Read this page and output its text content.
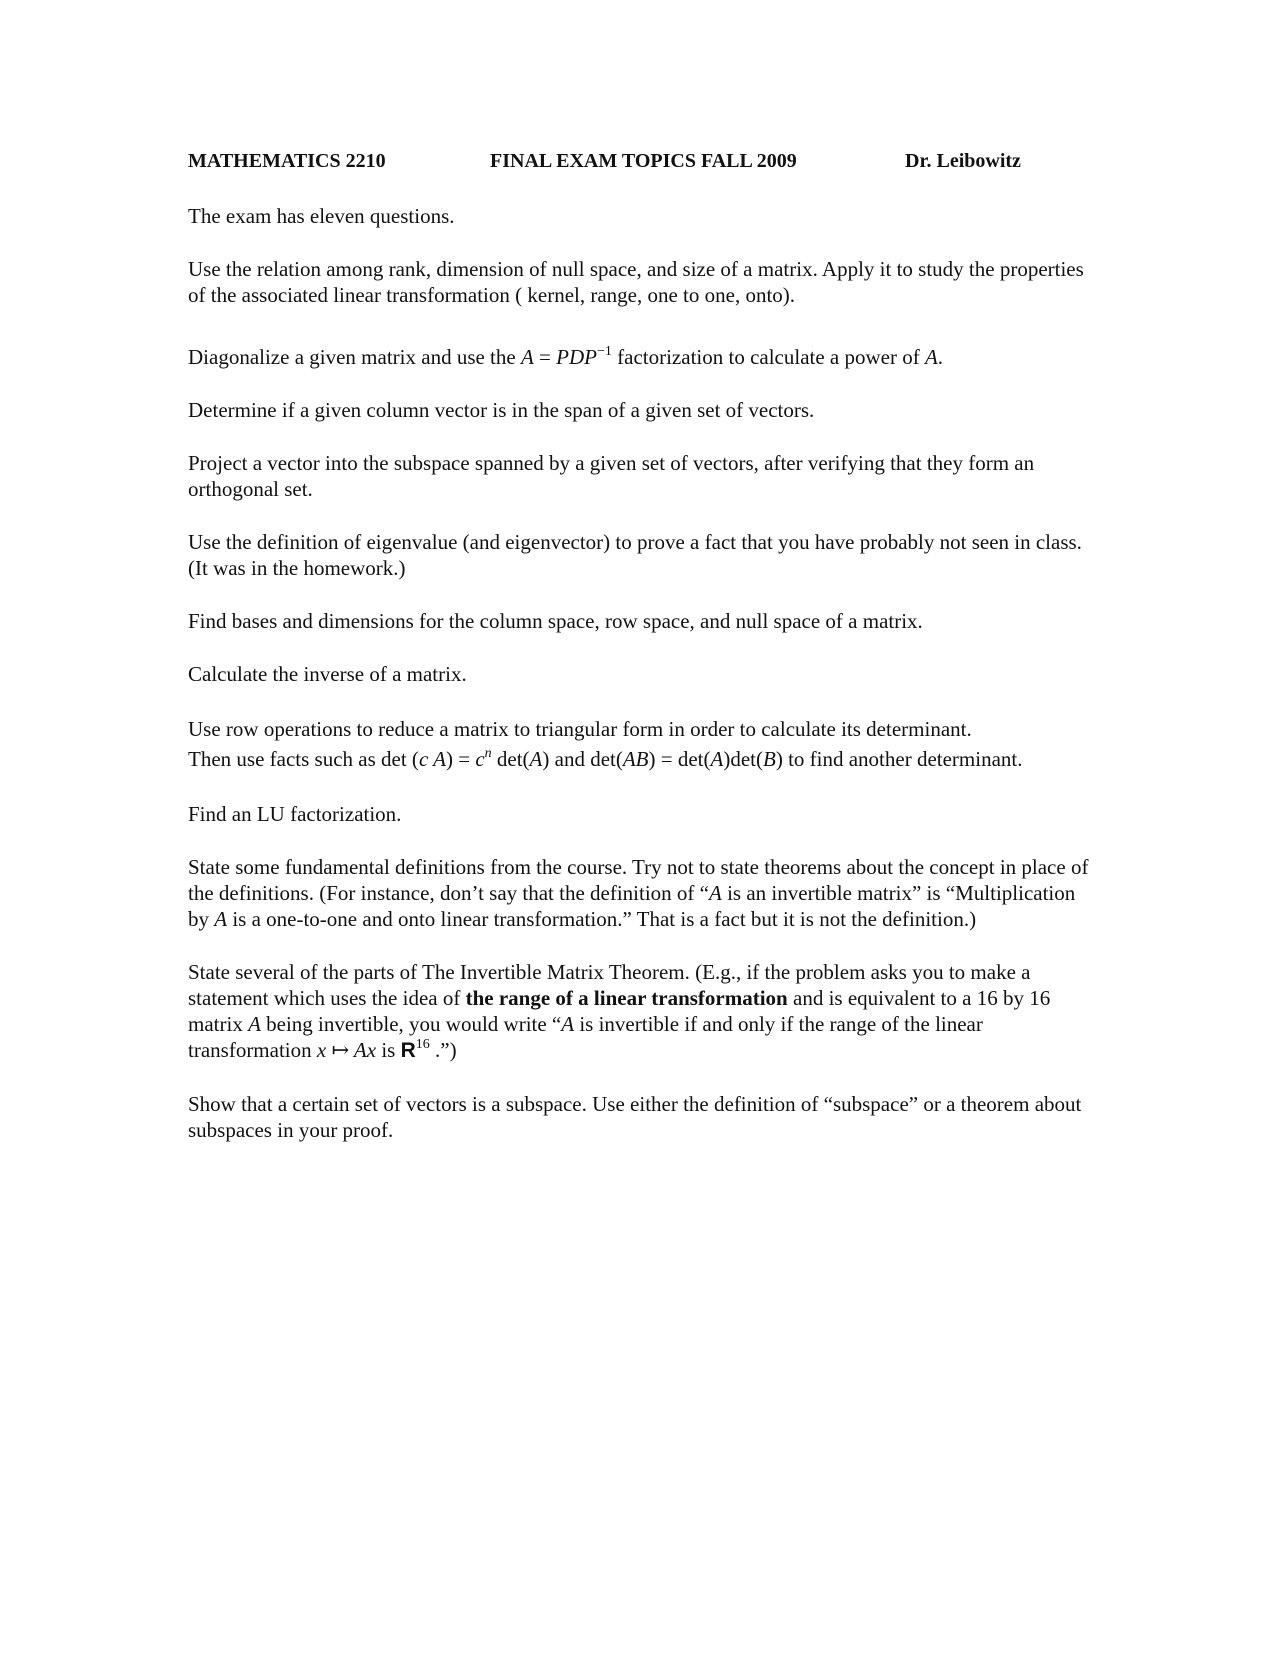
MATHEMATICS 2210	FINAL EXAM TOPICS FALL 2009	Dr. Leibowitz

The exam has eleven questions.

Use the relation among rank, dimension of null space, and size of a matrix. Apply it to study the properties of the associated linear transformation ( kernel, range, one to one, onto).

Diagonalize a given matrix and use the $A = PDP^{-1}$ factorization to calculate a power of A.

Determine if a given column vector is in the span of a given set of vectors.

Project a vector into the subspace spanned by a given set of vectors, after verifying that they form an orthogonal set.

Use the definition of eigenvalue (and eigenvector) to prove a fact that you have probably not seen in class. (It was in the homework.)

Find bases and dimensions for the column space, row space, and null space of a matrix.

Calculate the inverse of a matrix.

Use row operations to reduce a matrix to triangular form in order to calculate its determinant.
Then use facts such as det (c $A) = c^n$ det(A) and det(AB) = det(A)det(B) to find another determinant.

Find an LU factorization.

State some fundamental definitions from the course. Try not to state theorems about the concept in place of the definitions. (For instance, don’t say that the definition of “A is an invertible matrix” is “Multiplication by A is a one-to-one and onto linear transformation.” That is a fact but it is not the definition.)

State several of the parts of The Invertible Matrix Theorem. (E.g., if the problem asks you to make a statement which uses the idea of the range of a linear transformation and is equivalent to a 16 by 16 matrix A being invertible, you would write “A is invertible if and only if the range of the linear transformation x ↦ Ax is $R^{16}$ .”)

Show that a certain set of vectors is a subspace. Use either the definition of “subspace” or a theorem about subspaces in your proof.
